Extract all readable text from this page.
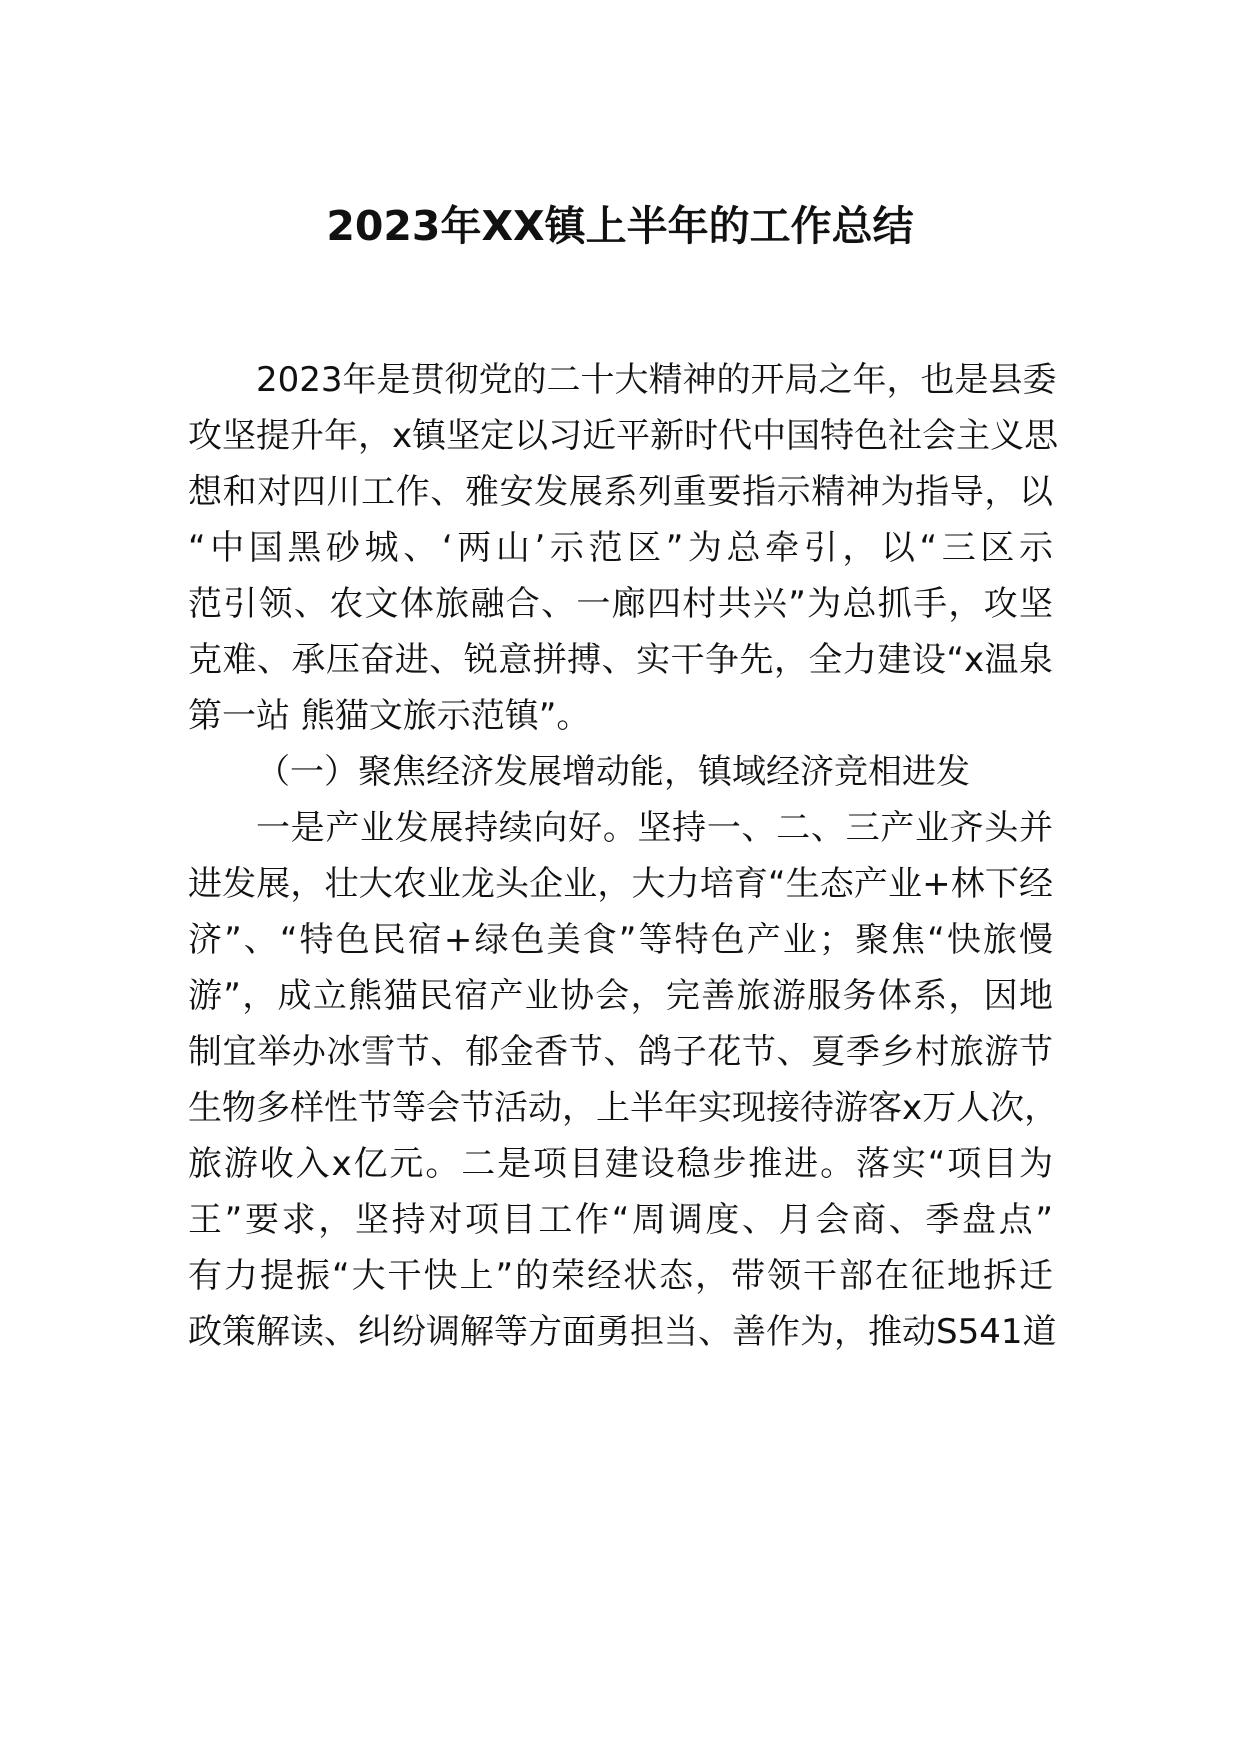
2023年XX镇上半年的工作总结

2023年是贯彻党的二十大精神的开局之年，也是县委

攻坚提升年，x镇坚定以习近平新时代中国特色社会主义思

想和对四川工作、雅安发展系列重要指示精神为指导，以

“中国黑砂城、‘两山’示范区”为总牵引，以“三区示

范引领、农文体旅融合、一廊四村共兴”为总抓手，攻坚

克难、承压奋进、锐意拼搏、实干争先，全力建设“x温泉

第一站 熊猫文旅示范镇”。

（一）聚焦经济发展增动能，镇域经济竞相进发

一是产业发展持续向好。坚持一、二、三产业齐头并

进发展，壮大农业龙头企业，大力培育“生态产业+林下经

济”、“特色民宿+绿色美食”等特色产业；聚焦“快旅慢

游”，成立熊猫民宿产业协会，完善旅游服务体系，因地

制宜举办冰雪节、郁金香节、鸽子花节、夏季乡村旅游节

生物多样性节等会节活动，上半年实现接待游客x万人次，

旅游收入x亿元。二是项目建设稳步推进。落实“项目为

王”要求，坚持对项目工作“周调度、月会商、季盘点”

有力提振“大干快上”的荣经状态，带领干部在征地拆迁

政策解读、纠纷调解等方面勇担当、善作为，推动S541道
